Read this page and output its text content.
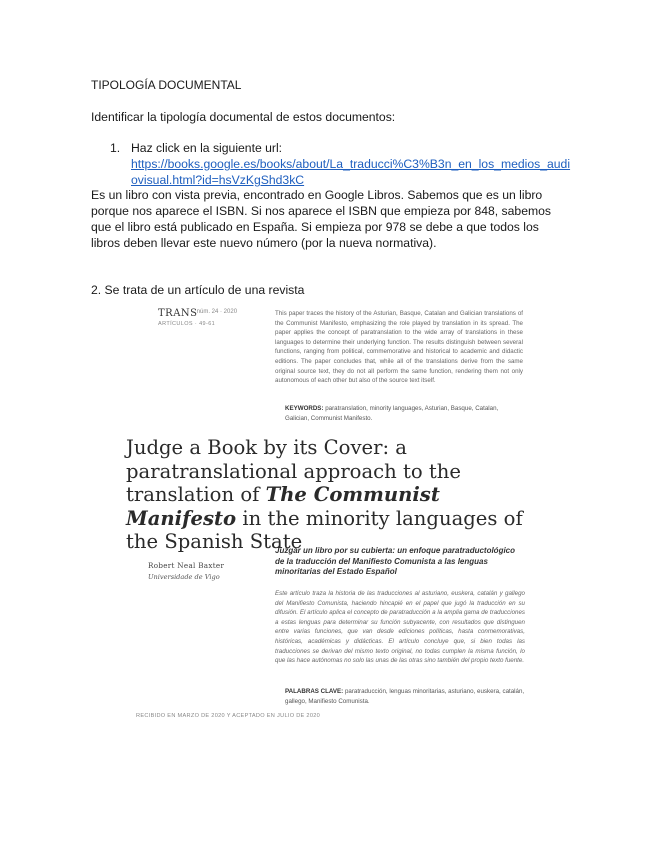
TIPOLOGÍA DOCUMENTAL
Identificar la tipología documental de estos documentos:
1. Haz click en la siguiente url:
https://books.google.es/books/about/La_traducci%C3%B3n_en_los_medios_audiovisual.html?id=hsVzKgShd3kC
Es un libro con vista previa, encontrado en Google Libros. Sabemos que es un libro porque nos aparece el ISBN. Si nos aparece el ISBN que empieza por 848, sabemos que el libro está publicado en España. Si empieza por 978 se debe a que todos los libros deben llevar este nuevo número (por la nueva normativa).
2. Se trata de un artículo de una revista
TRANS
· núm. 24 · 2020
ARTÍCULOS · 49-61
This paper traces the history of the Asturian, Basque, Catalan and Galician translations of the Communist Manifesto, emphasizing the role played by translation in its spread. The paper applies the concept of paratranslation to the wide array of translations in these languages to determine their underlying function. The results distinguish between several functions, ranging from political, commemorative and historical to academic and didactic editions. The paper concludes that, while all of the translations derive from the same original source text, they do not all perform the same function, rendering them not only autonomous of each other but also of the source text itself.
KEYWORDS: paratranslation, minority languages, Asturian, Basque, Catalan, Galician, Communist Manifesto.
Judge a Book by its Cover: a paratranslational approach to the translation of The Communist Manifesto in the minority languages of the Spanish State
Robert Neal Baxter
Universidade de Vigo
Juzgar un libro por su cubierta: un enfoque paratraductológico de la traducción del Manifiesto Comunista a las lenguas minoritarias del Estado Español
Este artículo traza la historia de las traducciones al asturiano, euskera, catalán y gallego del Manifiesto Comunista, haciendo hincapié en el papel que jugó la traducción en su difusión. El artículo aplica el concepto de paratraducción a la amplia gama de traducciones a estas lenguas para determinar su función subyacente, con resultados que distinguen entre varias funciones, que van desde ediciones políticas, hasta conmemorativas, históricas, académicas y didácticas. El artículo concluye que, si bien todas las traducciones se derivan del mismo texto original, no todas cumplen la misma función, lo que las hace autónomas no solo las unas de las otras sino también del propio texto fuente.
PALABRAS CLAVE: paratraducción, lenguas minoritarias, asturiano, euskera, catalán, gallego, Manifiesto Comunista.
RECIBIDO EN MARZO DE 2020 Y ACEPTADO EN JULIO DE 2020
